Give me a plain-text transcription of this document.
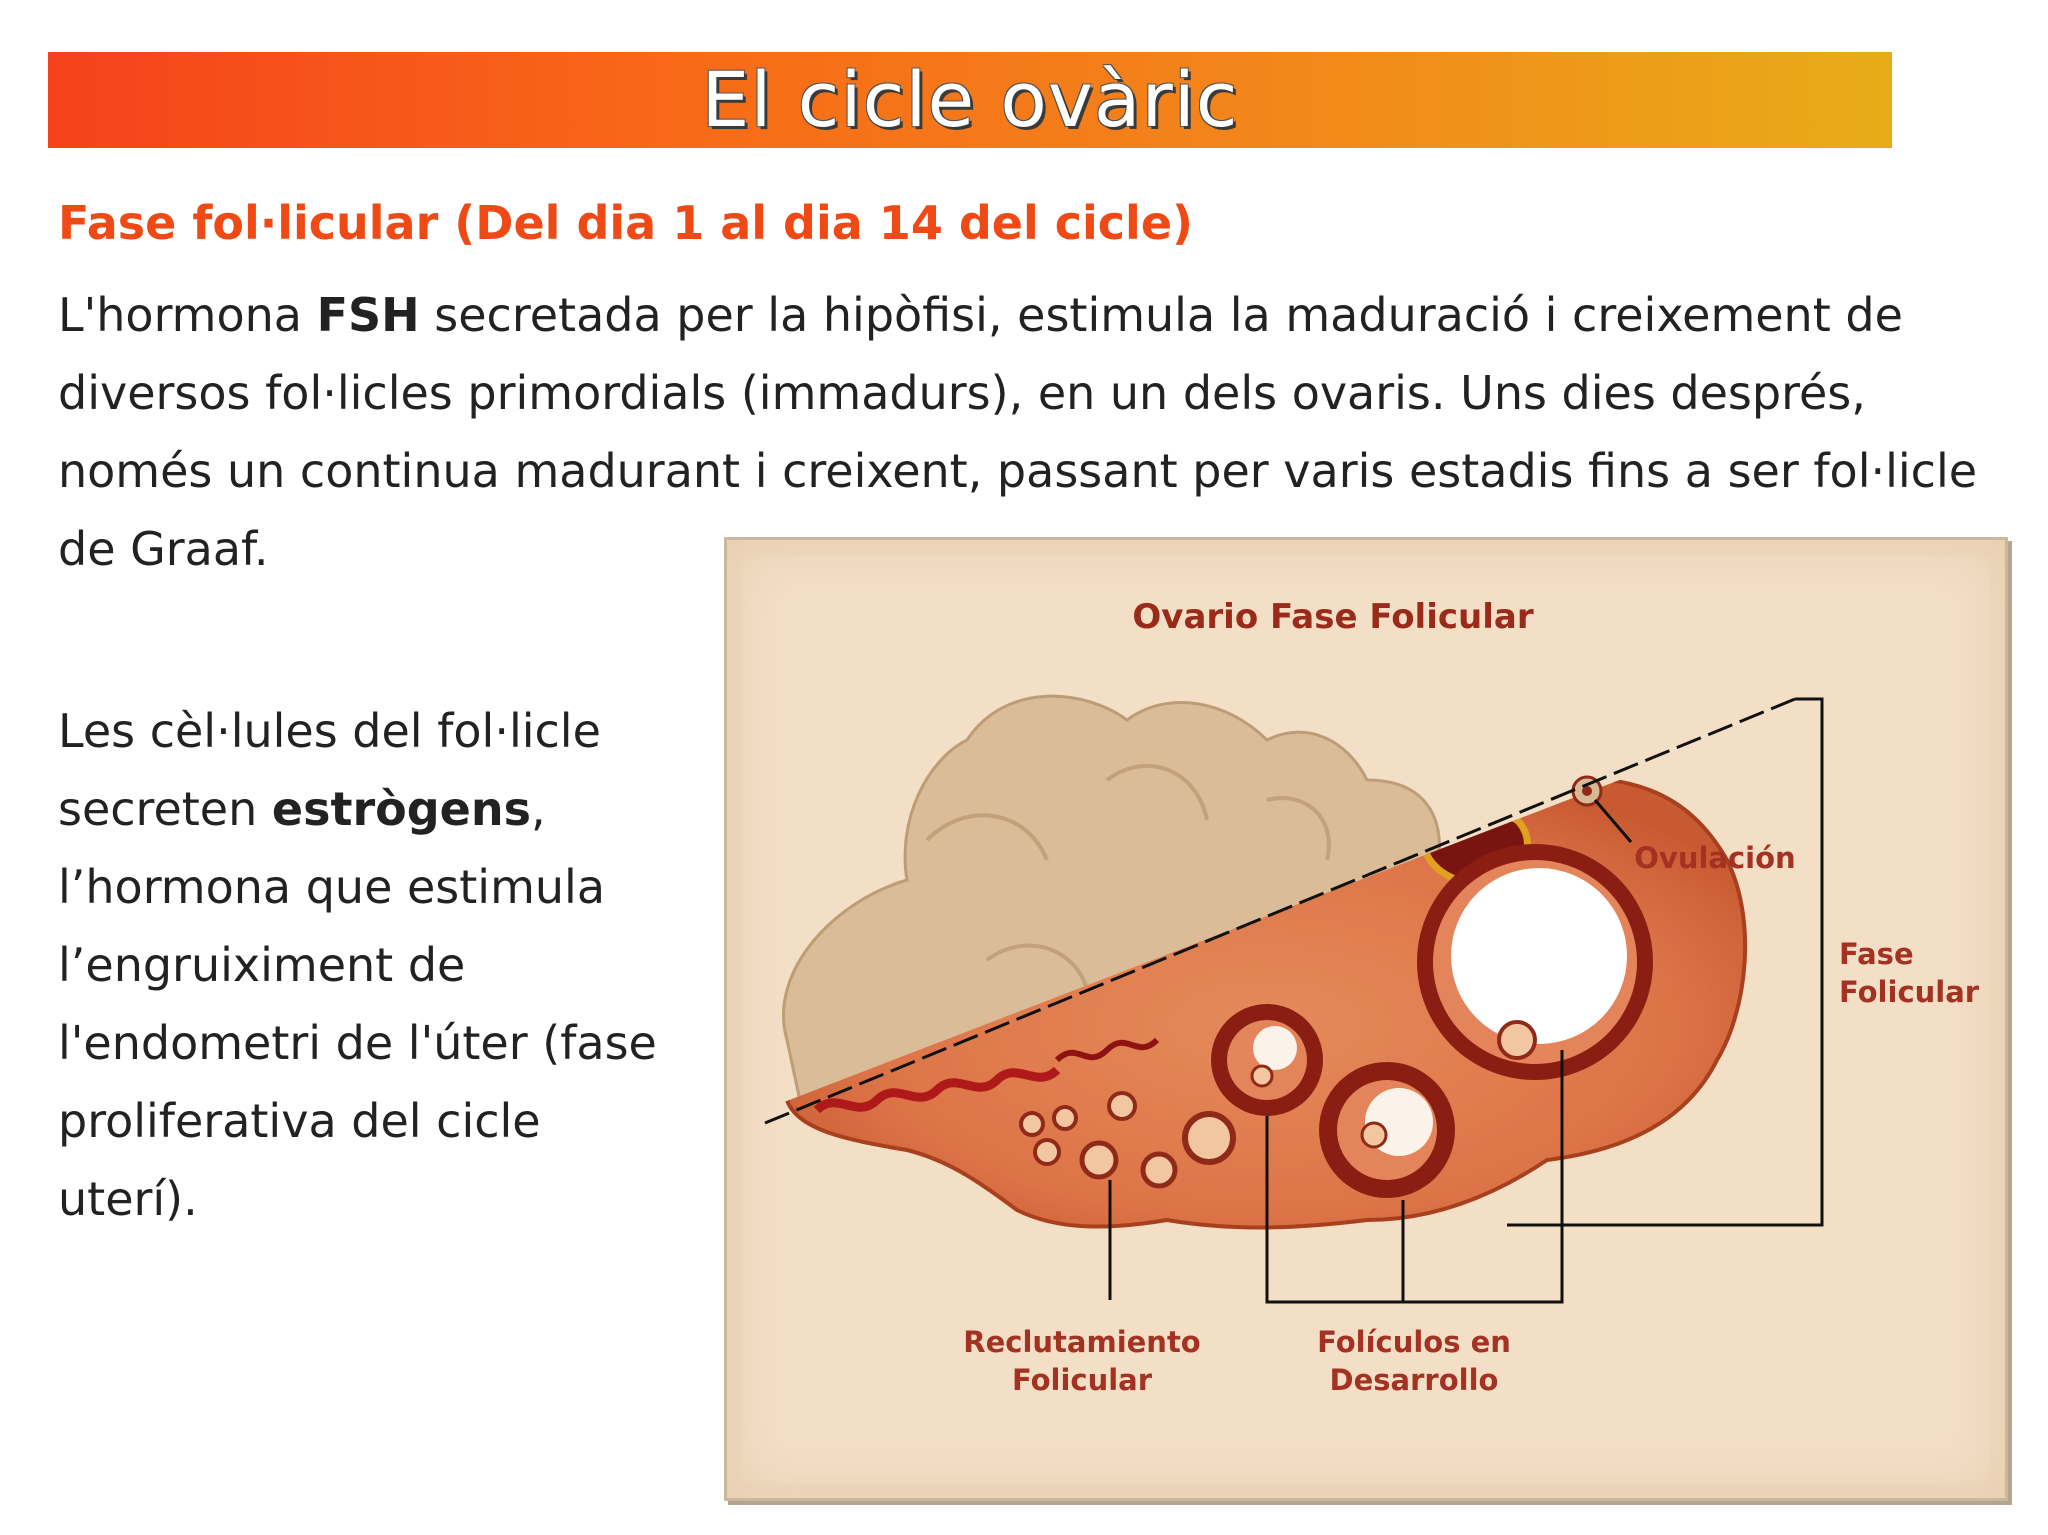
El cicle ovàric

Fase fol·licular (Del dia 1 al dia 14 del cicle)

L'hormona FSH secretada per la hipòfisi, estimula la maduració i creixement de
diversos fol·licles primordials (immadurs), en un dels ovaris. Uns dies després,
només un continua madurant i creixent, passant per varis estadis fins a ser fol·licle
de Graaf.

Les cèl·lules del fol·licle
secreten estrògens,
l’hormona que estimula
l’engruiximent de
l'endometri de l'úter (fase
proliferativa del cicle
uterí).

Ovario Fase Folicular
Ovulación
Fase
Folicular
Reclutamiento
Folicular
Folículos en
Desarrollo
